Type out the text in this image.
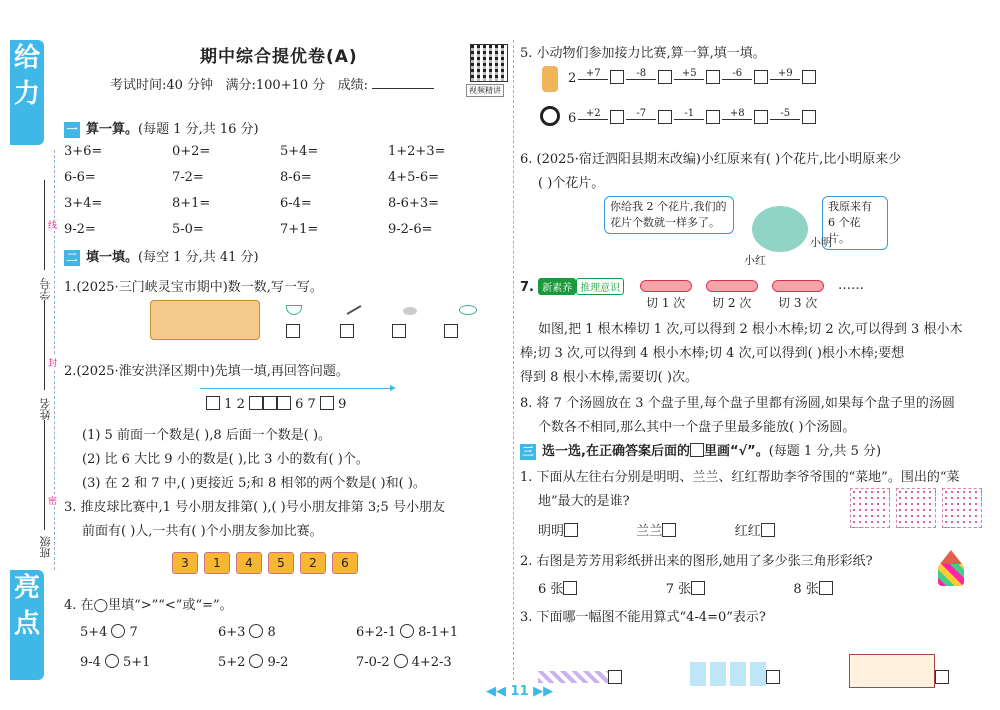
给
力
亮
点
学号
姓名
班级
线
封
密
期中综合提优卷(A)
考试时间:40 分钟 满分:100+10 分 成绩:	视频精讲
一 算一算。(每题 1 分,共 16 分)
3+6=	0+2=	5+4=	1+2+3=
6-6=	7-2=	8-6=	4+5-6=
3+4=	8+1=	6-4=	8-6+3=
9-2=	5-0=	7+1=	9-2-6=
二 填一填。(每空 1 分,共 41 分)
1.(2025·三门峡灵宝市期中)数一数,写一写。

2.(2025·淮安洪泽区期中)先填一填,再回答问题。
1 2	6 7 9
(1) 5 前面一个数是( ),8 后面一个数是( )。
(2) 比 6 大比 9 小的数是( ),比 3 小的数有( )个。
(3) 在 2 和 7 中,( )更接近 5;和 8 相邻的两个数是( )和( )。
3. 推皮球比赛中,1 号小朋友排第( ),( )号小朋友排第 3;5 号小朋友
前面有( )人,一共有( )个小朋友参加比赛。
3 1 4 5 2 6
4. 在◯里填“>”“<”或“=”。
5+4 7	6+3 8	6+2-1 8-1+1
9-4 5+1	5+2 9-2	7-0-2 4+2-3
5. 小动物们参加接力比赛,算一算,填一填。
2 +7	-8	+5	-6	+9
6 +2	-7	-1	+8	-5
6. (2025·宿迁泗阳县期末改编)小红原来有( )个花片,比小明原来少
( )个花片。
你给我 2 个花片,我们的花片个数就一样多了。
我原来有 6 个花片。
小红
小明
7. 新素养 推理意识
切 1 次 切 2 次 切 3 次
……
如图,把 1 根木棒切 1 次,可以得到 2 根小木棒;切 2 次,可以得到 3 根小木
棒;切 3 次,可以得到 4 根小木棒;切 4 次,可以得到( )根小木棒;要想
得到 8 根小木棒,需要切( )次。
8. 将 7 个汤圆放在 3 个盘子里,每个盘子里都有汤圆,如果每个盘子里的汤圆
个数各不相同,那么其中一个盘子里最多能放( )个汤圆。
三 选一选,在正确答案后面的 里画“√”。(每题 1 分,共 5 分)
1. 下面从左往右分别是明明、兰兰、红红帮助李爷爷围的“菜地”。围出的“菜
地”最大的是谁?
明明	兰兰	红红
2. 右图是芳芳用彩纸拼出来的图形,她用了多少张三角形彩纸?
6 张	7 张	8 张
3. 下面哪一幅图不能用算式“4-4=0”表示?

◀◀ 11 ▶▶
